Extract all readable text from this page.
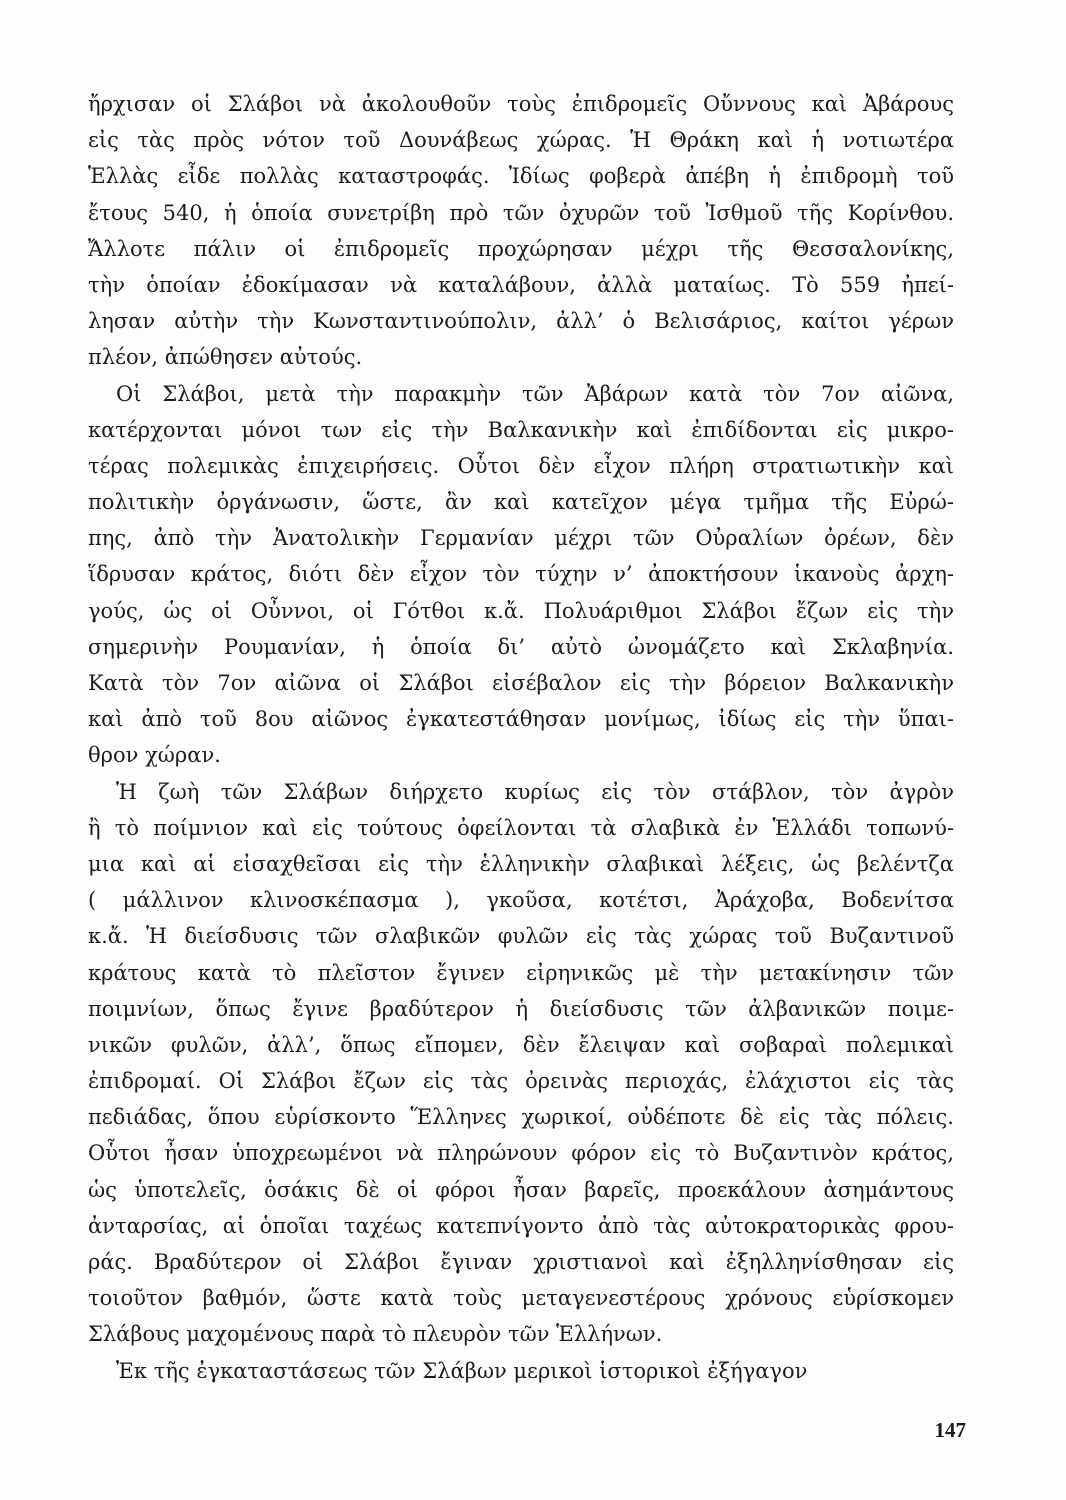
ἤρχισαν οἱ Σλάβοι νὰ ἀκολουθοῦν τοὺς ἐπιδρομεῖς Οὔννους καὶ Ἀβάρους
εἰς τὰς πρὸς νότον τοῦ Δουνάβεως χώρας. Ἡ Θράκη καὶ ἡ νοτιωτέρα
Ἑλλὰς εἶδε πολλὰς καταστροφάς. Ἰδίως φοβερὰ ἀπέβη ἡ ἐπιδρομὴ τοῦ
ἔτους 540, ἡ ὁποία συνετρίβη πρὸ τῶν ὀχυρῶν τοῦ Ἰσθμοῦ τῆς Κορίνθου.
Ἄλλοτε πάλιν οἱ ἐπιδρομεῖς προχώρησαν μέχρι τῆς Θεσσαλονίκης,
τὴν ὁποίαν ἐδοκίμασαν νὰ καταλάβουν, ἀλλὰ ματαίως. Τὸ 559 ἠπεί-
λησαν αὐτὴν τὴν Κωνσταντινούπολιν, ἀλλ’ ὁ Βελισάριος, καίτοι γέρων
πλέον, ἀπώθησεν αὐτούς.
Οἱ Σλάβοι, μετὰ τὴν παρακμὴν τῶν Ἀβάρων κατὰ τὸν 7ον αἰῶνα,
κατέρχονται μόνοι των εἰς τὴν Βαλκανικὴν καὶ ἐπιδίδονται εἰς μικρο-
τέρας πολεμικὰς ἐπιχειρήσεις. Οὗτοι δὲν εἶχον πλήρη στρατιωτικὴν καὶ
πολιτικὴν ὀργάνωσιν, ὥστε, ἂν καὶ κατεῖχον μέγα τμῆμα τῆς Εὐρώ-
πης, ἀπὸ τὴν Ἀνατολικὴν Γερμανίαν μέχρι τῶν Οὐραλίων ὀρέων, δὲν
ἵδρυσαν κράτος, διότι δὲν εἶχον τὸν τύχην ν’ ἀποκτήσουν ἱκανοὺς ἀρχη-
γούς, ὡς οἱ Οὖννοι, οἱ Γότθοι κ.ἄ. Πολυάριθμοι Σλάβοι ἔζων εἰς τὴν
σημερινὴν Ρουμανίαν, ἡ ὁποία δι’ αὐτὸ ὠνομάζετο καὶ Σκλαβηνία.
Κατὰ τὸν 7ον αἰῶνα οἱ Σλάβοι εἰσέβαλον εἰς τὴν βόρειον Βαλκανικὴν
καὶ ἀπὸ τοῦ 8ου αἰῶνος ἐγκατεστάθησαν μονίμως, ἰδίως εἰς τὴν ὕπαι-
θρον χώραν.
Ἡ ζωὴ τῶν Σλάβων διήρχετο κυρίως εἰς τὸν στάβλον, τὸν ἀγρὸν
ἢ τὸ ποίμνιον καὶ εἰς τούτους ὀφείλονται τὰ σλαβικὰ ἐν Ἑλλάδι τοπωνύ-
μια καὶ αἱ εἰσαχθεῖσαι εἰς τὴν ἑλληνικὴν σλαβικαὶ λέξεις, ὡς βελέντζα
( μάλλινον κλινοσκέπασμα ), γκοῦσα, κοτέτσι, Ἀράχοβα, Βοδενίτσα
κ.ἄ. Ἡ διείσδυσις τῶν σλαβικῶν φυλῶν εἰς τὰς χώρας τοῦ Βυζαντινοῦ
κράτους κατὰ τὸ πλεῖστον ἔγινεν εἰρηνικῶς μὲ τὴν μετακίνησιν τῶν
ποιμνίων, ὅπως ἔγινε βραδύτερον ἡ διείσδυσις τῶν ἀλβανικῶν ποιμε-
νικῶν φυλῶν, ἀλλ’, ὅπως εἴπομεν, δὲν ἔλειψαν καὶ σοβαραὶ πολεμικαὶ
ἐπιδρομαί. Οἱ Σλάβοι ἔζων εἰς τὰς ὀρεινὰς περιοχάς, ἐλάχιστοι εἰς τὰς
πεδιάδας, ὅπου εὑρίσκοντο Ἕλληνες χωρικοί, οὐδέποτε δὲ εἰς τὰς πόλεις.
Οὗτοι ἦσαν ὑποχρεωμένοι νὰ πληρώνουν φόρον εἰς τὸ Βυζαντινὸν κράτος,
ὡς ὑποτελεῖς, ὁσάκις δὲ οἱ φόροι ἦσαν βαρεῖς, προεκάλουν ἀσημάντους
ἀνταρσίας, αἱ ὁποῖαι ταχέως κατεπνίγοντο ἀπὸ τὰς αὐτοκρατορικὰς φρου-
ράς. Βραδύτερον οἱ Σλάβοι ἔγιναν χριστιανοὶ καὶ ἐξηλληνίσθησαν εἰς
τοιοῦτον βαθμόν, ὥστε κατὰ τοὺς μεταγενεστέρους χρόνους εὑρίσκομεν
Σλάβους μαχομένους παρὰ τὸ πλευρὸν τῶν Ἑλλήνων.
Ἐκ τῆς ἐγκαταστάσεως τῶν Σλάβων μερικοὶ ἱστορικοὶ ἐξήγαγον
147
